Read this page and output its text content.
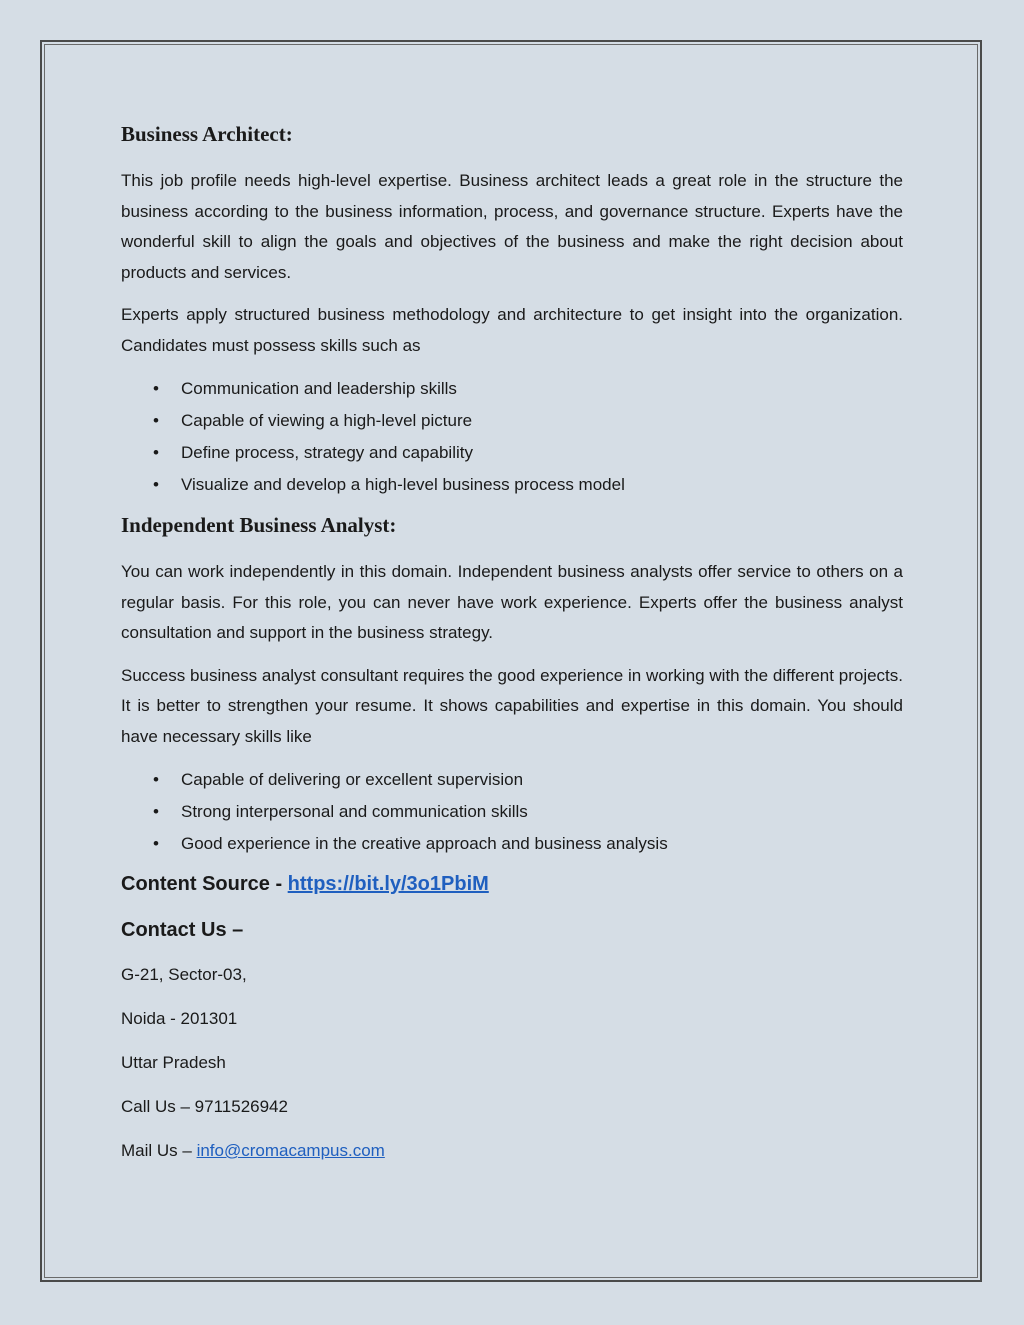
Business Architect:

This job profile needs high-level expertise. Business architect leads a great role in the structure the business according to the business information, process, and governance structure. Experts have the wonderful skill to align the goals and objectives of the business and make the right decision about products and services.

Experts apply structured business methodology and architecture to get insight into the organization. Candidates must possess skills such as

• Communication and leadership skills
• Capable of viewing a high-level picture
• Define process, strategy and capability
• Visualize and develop a high-level business process model
Independent Business Analyst:

You can work independently in this domain. Independent business analysts offer service to others on a regular basis. For this role, you can never have work experience. Experts offer the business analyst consultation and support in the business strategy.

Success business analyst consultant requires the good experience in working with the different projects. It is better to strengthen your resume. It shows capabilities and expertise in this domain. You should have necessary skills like

• Capable of delivering or excellent supervision
• Strong interpersonal and communication skills
• Good experience in the creative approach and business analysis
Content Source - https://bit.ly/3o1PbiM
Contact Us –
G-21, Sector-03,
Noida - 201301
Uttar Pradesh
Call Us – 9711526942
Mail Us – info@cromacampus.com
